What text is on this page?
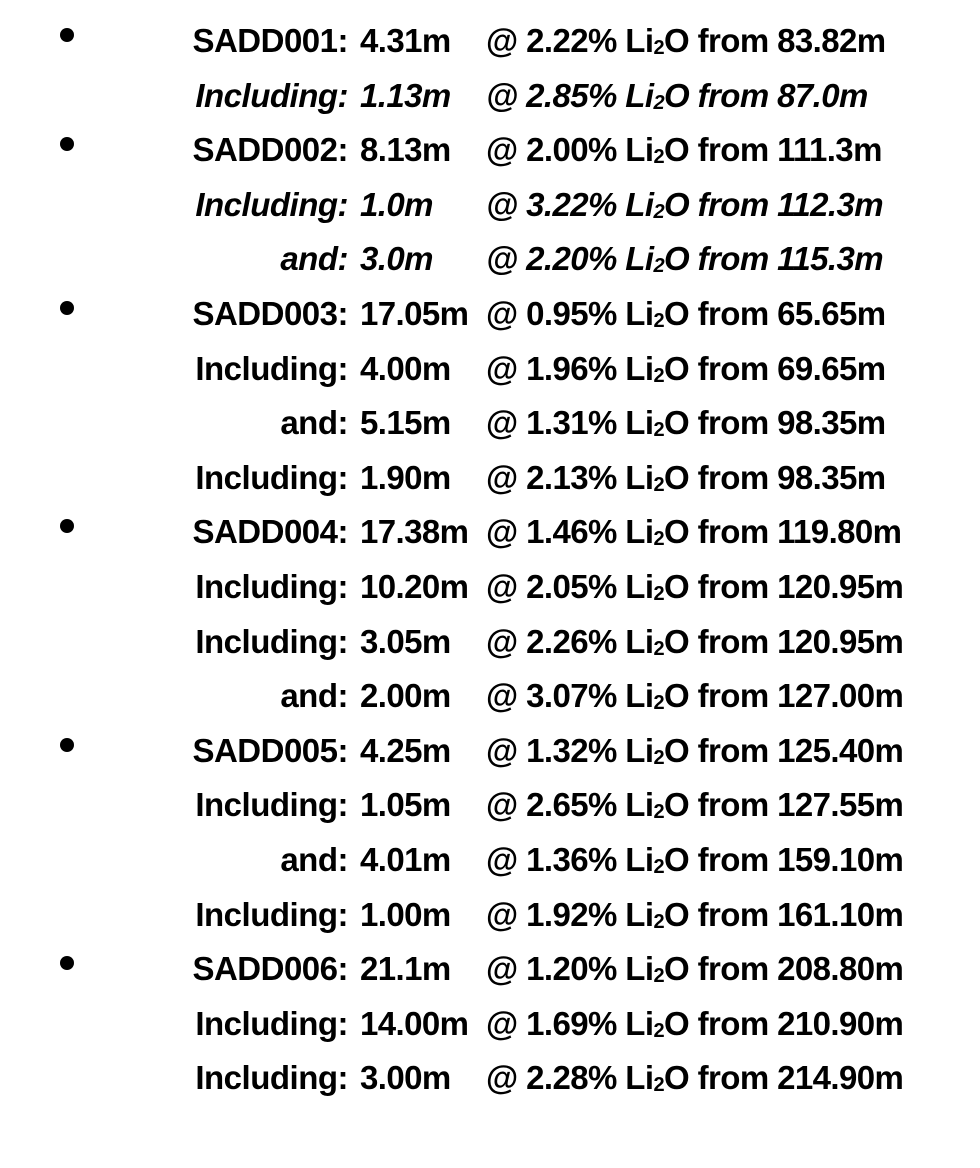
SADD001: 4.31m @ 2.22% $Li_2O$ from 83.82m
Including: 1.13m @ 2.85% $Li_2O$ from 87.0m
SADD002: 8.13m @ 2.00% $Li_2O$ from 111.3m
Including: 1.0m @ 3.22% $Li_2O$ from 112.3m
and: 3.0m @ 2.20% $Li_2O$ from 115.3m
SADD003: 17.05m @ 0.95% $Li_2O$ from 65.65m
Including: 4.00m @ 1.96% $Li_2O$ from 69.65m
and: 5.15m @ 1.31% $Li_2O$ from 98.35m
Including: 1.90m @ 2.13% $Li_2O$ from 98.35m
SADD004: 17.38m @ 1.46% $Li_2O$ from 119.80m
Including: 10.20m @ 2.05% $Li_2O$ from 120.95m
Including: 3.05m @ 2.26% $Li_2O$ from 120.95m
and: 2.00m @ 3.07% $Li_2O$ from 127.00m
SADD005: 4.25m @ 1.32% $Li_2O$ from 125.40m
Including: 1.05m @ 2.65% $Li_2O$ from 127.55m
and: 4.01m @ 1.36% $Li_2O$ from 159.10m
Including: 1.00m @ 1.92% $Li_2O$ from 161.10m
SADD006: 21.1m @ 1.20% $Li_2O$ from 208.80m
Including: 14.00m @ 1.69% $Li_2O$ from 210.90m
Including: 3.00m @ 2.28% $Li_2O$ from 214.90m
